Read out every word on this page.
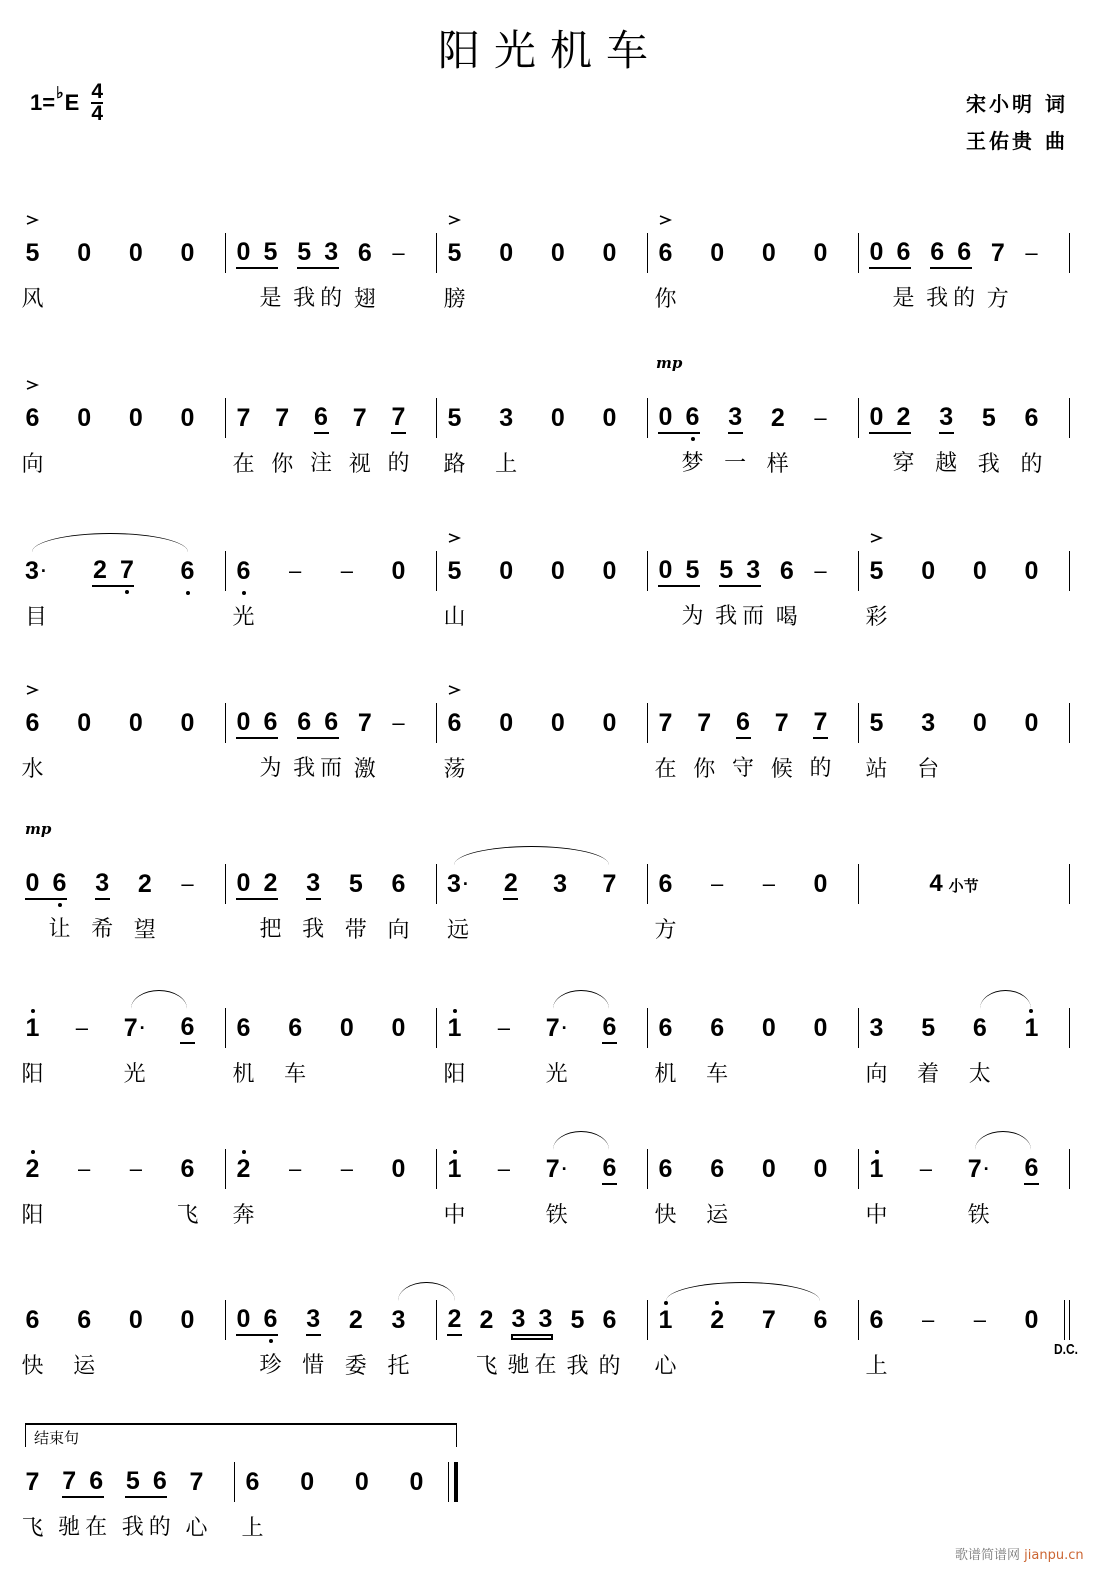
阳光机车
1= ♭ E 4
4	宋小明 词
王佑贵 曲
5
风
0 0 0 0 5
是
5
我
3
的
6
翅
– 5
膀
0 0 0 6
你
0 0 0 0 6
是
6
我
6
的
7
方
–
6
向
0 0 0 7
在
7
你
6
注
7
视
7
的
5
路
3
上
0 0
mp
0 6
梦
3
一
2
样
– 0 2
穿
3
越
5
我
6
的
3 ·
目
2 7 6 6
光
– – 0 5
山
0 0 0 0 5
为
5
我
3
而
6
喝
– 5
彩
0 0 0
6
水
0 0 0 0 6
为
6
我
6
而
7
激
– 6
荡
0 0 0 7
在
7
你
6
守
7
候
7
的
5
站
3
台
0 0
mp
0 6
让
3
希
2
望
– 0 2
把
3
我
5
带
6
向
3 ·
远
2 3 7 6
方
– – 0	4 小节
1
阳
– 7 ·
光
6 6
机
6
车
0 0 1
阳
– 7 ·
光
6 6
机
6
车
0 0 3
向
5
着
6
太
1
2
阳
– – 6
飞
2
奔
– – 0 1
中
– 7 ·
铁
6 6
快
6
运
0 0 1
中
– 7 ·
铁
6
6
快
6
运
0 0 0 6
珍
3
惜
2
委
3
托
2 2
飞
3
驰
3
在
5
我
6
的
1
心
2 7 6 6
上
– – 0
7
飞
7
驰
6
在
5
我
6
的
7
心
6
上
0 0 0
D.C.
结束句
歌谱简谱网 jianpu.cn
